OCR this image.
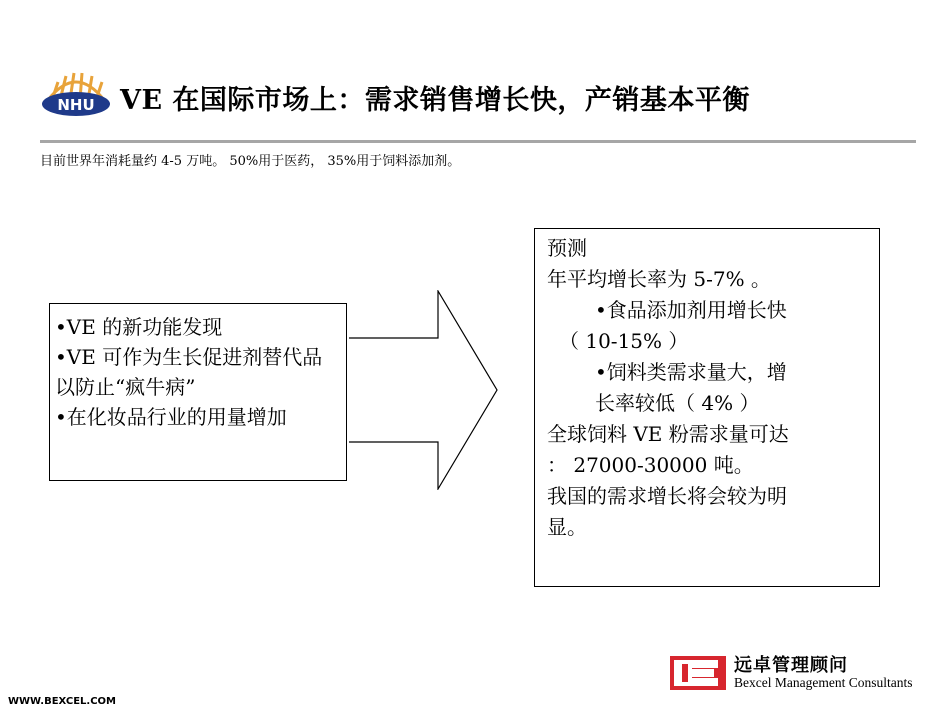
NHU VE 在国际市场上：需求销售增长快，产销基本平衡
目前世界年消耗量约 4-5 万吨。 50%用于医药， 35%用于饲料添加剂。
•VE 的新功能发现
•VE 可作为生长促进剂替代品以防止“疯牛病”
•在化妆品行业的用量增加
预测
年平均增长率为 5-7% 。
•食品添加剂用增长快
（ 10-15% ）
•饲料类需求量大，增
长率较低（ 4% ）
全球饲料 VE 粉需求量可达
： 27000-30000 吨。
我国的需求增长将会较为明
显。
WWW.BEXCEL.COM
远卓管理顾问
Bexcel Management Consultants
